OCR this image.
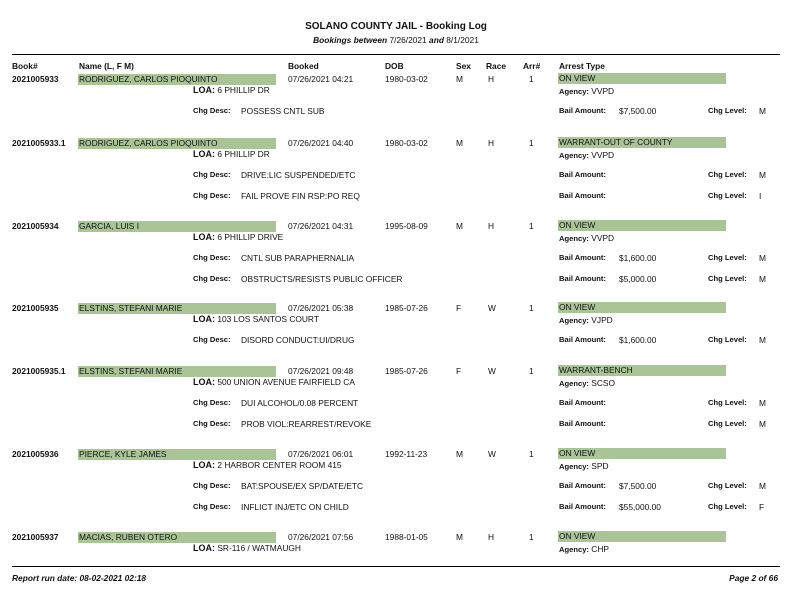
SOLANO COUNTY JAIL - Booking Log
Bookings between 7/26/2021 and 8/1/2021
Book#	Name (L, F M)	Booked	DOB	Sex Race Arr# Arrest Type
2021005933 RODRIGUEZ, CARLOS PIOQUINTO	07/26/2021 04:21	1980-03-02	M	H	1	ON VIEW
LOA: 6 PHILLIP DR	Agency: VVPD
Chg Desc: POSSESS CNTL SUB	Bail Amount: $7,500.00	Chg Level: M
2021005933.1 RODRIGUEZ, CARLOS PIOQUINTO	07/26/2021 04:40	1980-03-02	M	H	1	WARRANT-OUT OF COUNTY
LOA: 6 PHILLIP DR	Agency: VVPD
Chg Desc: DRIVE:LIC SUSPENDED/ETC	Bail Amount:	Chg Level: M
Chg Desc: FAIL PROVE FIN RSP:PO REQ	Bail Amount:	Chg Level: I
2021005934 GARCIA, LUIS I	07/26/2021 04:31	1995-08-09	M	H	1	ON VIEW
LOA: 6 PHILLIP DRIVE	Agency: VVPD
Chg Desc: CNTL SUB PARAPHERNALIA	Bail Amount: $1,600.00	Chg Level: M
Chg Desc: OBSTRUCTS/RESISTS PUBLIC OFFICER	Bail Amount: $5,000.00	Chg Level: M
2021005935 ELSTINS, STEFANI MARIE	07/26/2021 05:38	1985-07-26	F	W	1	ON VIEW
LOA: 103 LOS SANTOS COURT	Agency: VJPD
Chg Desc: DISORD CONDUCT:UI/DRUG	Bail Amount: $1,600.00	Chg Level: M
2021005935.1 ELSTINS, STEFANI MARIE	07/26/2021 09:48	1985-07-26	F	W	1	WARRANT-BENCH
LOA: 500 UNION AVENUE FAIRFIELD CA	Agency: SCSO
Chg Desc: DUI ALCOHOL/0.08 PERCENT	Bail Amount:	Chg Level: M
Chg Desc: PROB VIOL:REARREST/REVOKE	Bail Amount:	Chg Level: M
2021005936 PIERCE, KYLE JAMES	07/26/2021 06:01	1992-11-23	M	W	1	ON VIEW
LOA: 2 HARBOR CENTER ROOM 415	Agency: SPD
Chg Desc: BAT:SPOUSE/EX SP/DATE/ETC	Bail Amount: $7,500.00	Chg Level: M
Chg Desc: INFLICT INJ/ETC ON CHILD	Bail Amount: $55,000.00	Chg Level: F
2021005937 MACIAS, RUBEN OTERO	07/26/2021 07:56	1988-01-05	M	H	1	ON VIEW
LOA: SR-116 / WATMAUGH	Agency: CHP
Report run date: 08-02-2021 02:18	Page 2 of 66
